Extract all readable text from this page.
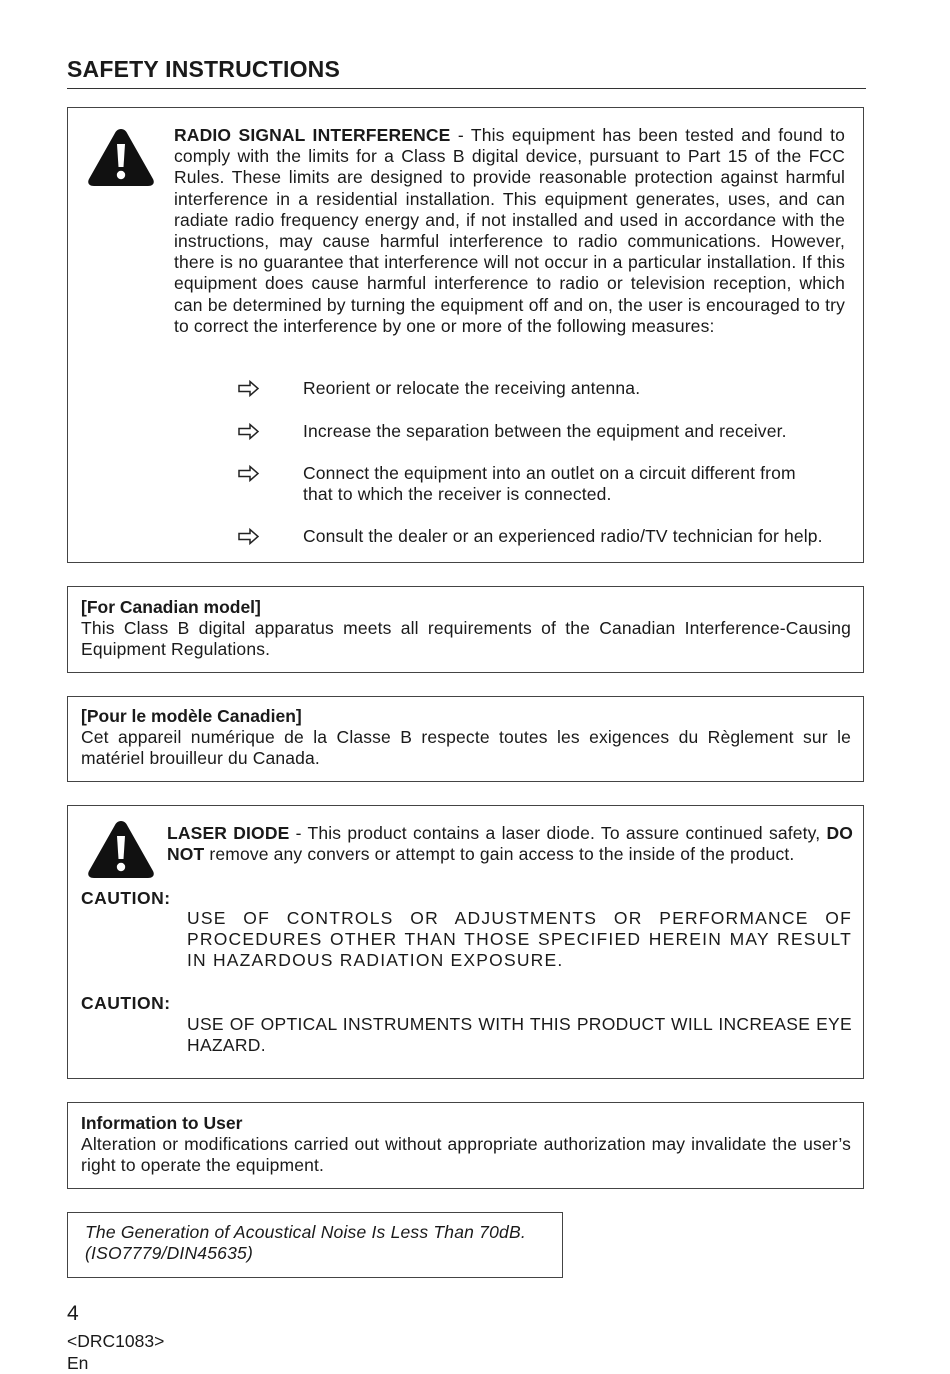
SAFETY INSTRUCTIONS
RADIO SIGNAL INTERFERENCE - This equipment has been tested and found to comply with the limits for a Class B digital device, pursuant to Part 15 of the FCC Rules. These limits are designed to provide reasonable protection against harmful interference in a residential installation. This equipment generates, uses, and can radiate radio frequency energy and, if not installed and used in accordance with the instructions, may cause harmful interference to radio communications. However, there is no guarantee that interference will not occur in a particular installation. If this equipment does cause harmful interference to radio or television reception, which can be determined by turning the equipment off and on, the user is encouraged to try to correct the interference by one or more of the following measures:
Reorient or relocate the receiving antenna.
Increase the separation between the equipment and receiver.
Connect the equipment into an outlet on a circuit different from that to which the receiver is connected.
Consult the dealer or an experienced radio/TV technician for help.
[For Canadian model]
This Class B digital apparatus meets all requirements of the Canadian Interference-Causing Equipment Regulations.
[Pour le modèle Canadien]
Cet appareil numérique de la Classe B respecte toutes les exigences du Règlement sur le matériel brouilleur du Canada.
LASER DIODE - This product contains a laser diode. To assure continued safety, DO NOT remove any convers or attempt to gain access to the inside of the product.
CAUTION:
USE OF CONTROLS OR ADJUSTMENTS OR PERFORMANCE OF PROCEDURES OTHER THAN THOSE SPECIFIED HEREIN MAY RESULT IN HAZARDOUS RADIATION EXPOSURE.
CAUTION:
USE OF OPTICAL INSTRUMENTS WITH THIS PRODUCT WILL INCREASE EYE HAZARD.
Information to User
Alteration or modifications carried out without appropriate authorization may invalidate the user’s right to operate the equipment.
The Generation of Acoustical Noise Is Less Than 70dB.
(ISO7779/DIN45635)
4
<DRC1083>
En
